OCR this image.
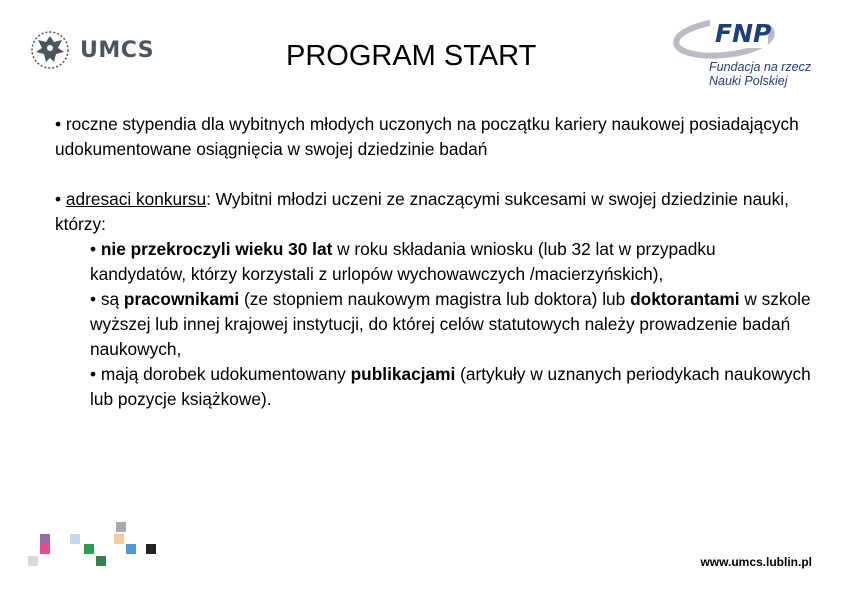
UMCS	PROGRAM START
FNP
Fundacja na rzecz
Nauki Polskiej

• roczne stypendia dla wybitnych młodych uczonych na początku kariery naukowej posiadających udokumentowane osiągnięcia w swojej dziedzinie badań

• adresaci konkursu: Wybitni młodzi uczeni ze znaczącymi sukcesami w swojej dziedzinie nauki, którzy:

• nie przekroczyli wieku 30 lat w roku składania wniosku (lub 32 lat w przypadku kandydatów, którzy korzystali z urlopów wychowawczych /macierzyńskich),

• są pracownikami (ze stopniem naukowym magistra lub doktora) lub doktorantami w szkole wyższej lub innej krajowej instytucji, do której celów statutowych należy prowadzenie badań naukowych,

• mają dorobek udokumentowany publikacjami (artykuły w uznanych periodykach naukowych lub pozycje książkowe).

www.umcs.lublin.pl
